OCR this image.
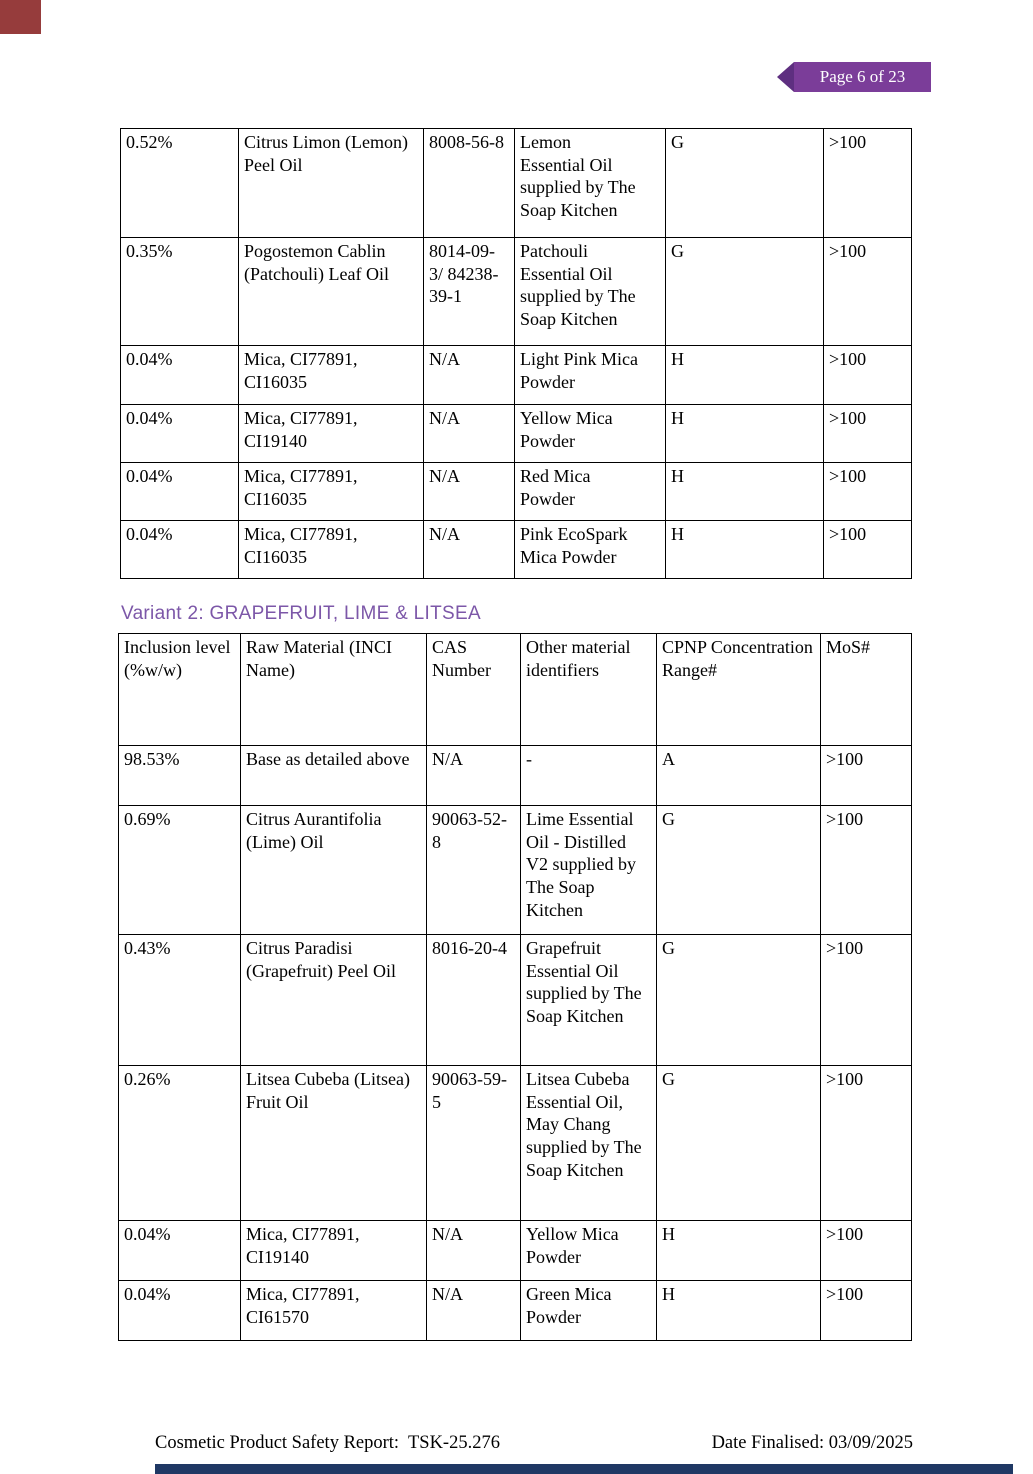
Page 6 of 23
0.52%	Citrus Limon (Lemon) Peel Oil	8008-56-8	Lemon Essential Oil supplied by The Soap Kitchen	G	>100
0.35%	Pogostemon Cablin (Patchouli) Leaf Oil	8014-09-3/ 84238-39-1	Patchouli Essential Oil supplied by The Soap Kitchen	G	>100
0.04%	Mica, CI77891, CI16035	N/A	Light Pink Mica Powder	H	>100
0.04%	Mica, CI77891, CI19140	N/A	Yellow Mica Powder	H	>100
0.04%	Mica, CI77891, CI16035	N/A	Red Mica Powder	H	>100
0.04%	Mica, CI77891, CI16035	N/A	Pink EcoSpark Mica Powder	H	>100
Variant 2: GRAPEFRUIT, LIME & LITSEA
Inclusion level (%w/w)	Raw Material (INCI Name)	CAS Number	Other material identifiers	CPNP Concentration Range#	MoS#
98.53%	Base as detailed above	N/A	-	A	>100
0.69%	Citrus Aurantifolia (Lime) Oil	90063-52-8	Lime Essential Oil - Distilled V2 supplied by The Soap Kitchen	G	>100
0.43%	Citrus Paradisi (Grapefruit) Peel Oil	8016-20-4	Grapefruit Essential Oil supplied by The Soap Kitchen	G	>100
0.26%	Litsea Cubeba (Litsea) Fruit Oil	90063-59-5	Litsea Cubeba Essential Oil, May Chang supplied by The Soap Kitchen	G	>100
0.04%	Mica, CI77891, CI19140	N/A	Yellow Mica Powder	H	>100
0.04%	Mica, CI77891, CI61570	N/A	Green Mica Powder	H	>100
Cosmetic Product Safety Report:  TSK-25.276	Date Finalised: 03/09/2025
